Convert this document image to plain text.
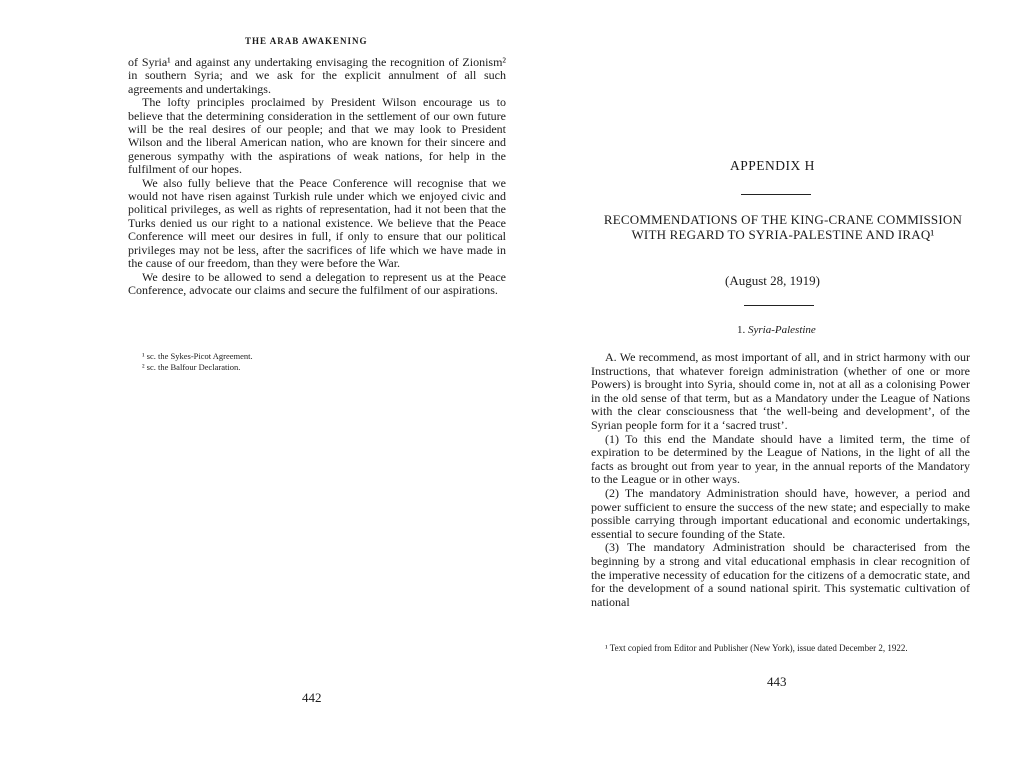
THE ARAB AWAKENING

of Syria¹ and against any undertaking envisaging the recognition of Zionism² in southern Syria; and we ask for the explicit annulment of all such agreements and undertakings.

The lofty principles proclaimed by President Wilson encourage us to believe that the determining consideration in the settlement of our own future will be the real desires of our people; and that we may look to President Wilson and the liberal American nation, who are known for their sincere and generous sympathy with the aspirations of weak nations, for help in the fulfilment of our hopes.

We also fully believe that the Peace Conference will recognise that we would not have risen against Turkish rule under which we enjoyed civic and political privileges, as well as rights of representation, had it not been that the Turks denied us our right to a national existence. We believe that the Peace Conference will meet our desires in full, if only to ensure that our political privileges may not be less, after the sacrifices of life which we have made in the cause of our freedom, than they were before the War.

We desire to be allowed to send a delegation to represent us at the Peace Conference, advocate our claims and secure the fulfilment of our aspirations.

¹ sc. the Sykes-Picot Agreement.
² sc. the Balfour Declaration.
442
APPENDIX H
RECOMMENDATIONS OF THE KING-CRANE COMMISSION WITH REGARD TO SYRIA-PALESTINE AND IRAQ¹
(August 28, 1919)
1. Syria-Palestine

A. We recommend, as most important of all, and in strict harmony with our Instructions, that whatever foreign administration (whether of one or more Powers) is brought into Syria, should come in, not at all as a colonising Power in the old sense of that term, but as a Mandatory under the League of Nations with the clear consciousness that ‘the well-being and development’, of the Syrian people form for it a ‘sacred trust’.

(1) To this end the Mandate should have a limited term, the time of expiration to be determined by the League of Nations, in the light of all the facts as brought out from year to year, in the annual reports of the Mandatory to the League or in other ways.

(2) The mandatory Administration should have, however, a period and power sufficient to ensure the success of the new state; and especially to make possible carrying through important educational and economic undertakings, essential to secure founding of the State.

(3) The mandatory Administration should be characterised from the beginning by a strong and vital educational emphasis in clear recognition of the imperative necessity of education for the citizens of a democratic state, and for the development of a sound national spirit. This systematic cultivation of national

¹ Text copied from Editor and Publisher (New York), issue dated December 2, 1922.
443
